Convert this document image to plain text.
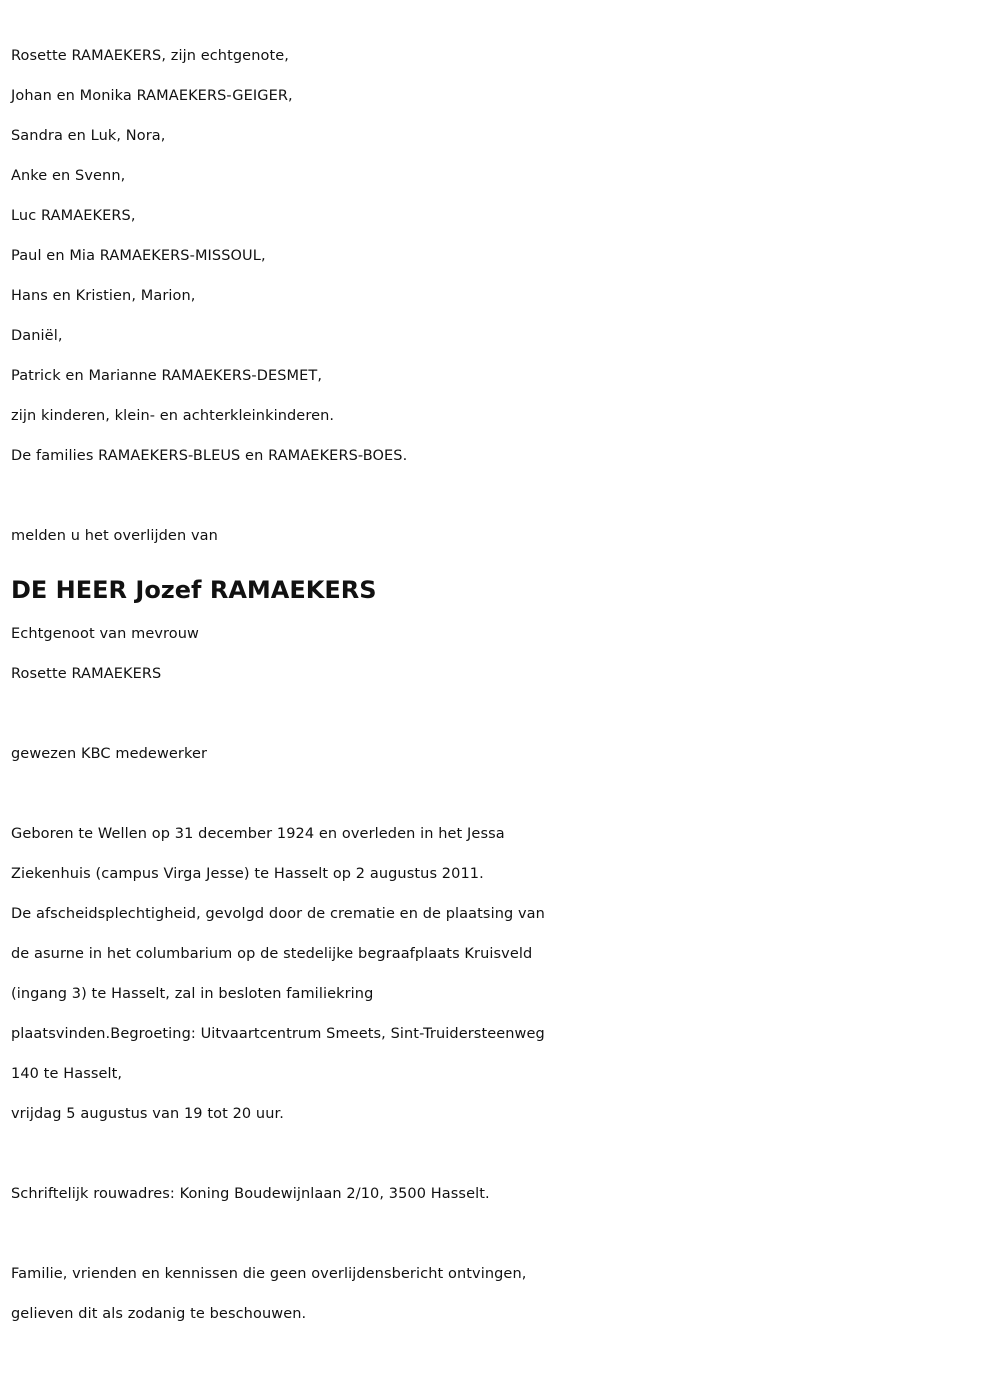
Rosette RAMAEKERS, zijn echtgenote,
Johan en Monika RAMAEKERS-GEIGER,
Sandra en Luk, Nora,
Anke en Svenn,
Luc RAMAEKERS,
Paul en Mia RAMAEKERS-MISSOUL,
Hans en Kristien, Marion,
Daniël,
Patrick en Marianne RAMAEKERS-DESMET,
zijn kinderen, klein- en achterkleinkinderen.
De families RAMAEKERS-BLEUS en RAMAEKERS-BOES.
melden u het overlijden van
DE HEER Jozef RAMAEKERS
Echtgenoot van mevrouw
Rosette RAMAEKERS
gewezen KBC medewerker
Geboren te Wellen op 31 december 1924 en overleden in het Jessa
Ziekenhuis (campus Virga Jesse) te Hasselt op 2 augustus 2011.
De afscheidsplechtigheid, gevolgd door de crematie en de plaatsing van
de asurne in het columbarium op de stedelijke begraafplaats Kruisveld
(ingang 3) te Hasselt, zal in besloten familiekring
plaatsvinden.Begroeting: Uitvaartcentrum Smeets, Sint-Truidersteenweg
140 te Hasselt,
vrijdag 5 augustus van 19 tot 20 uur.
Schriftelijk rouwadres: Koning Boudewijnlaan 2/10, 3500 Hasselt.
Familie, vrienden en kennissen die geen overlijdensbericht ontvingen,
gelieven dit als zodanig te beschouwen.
